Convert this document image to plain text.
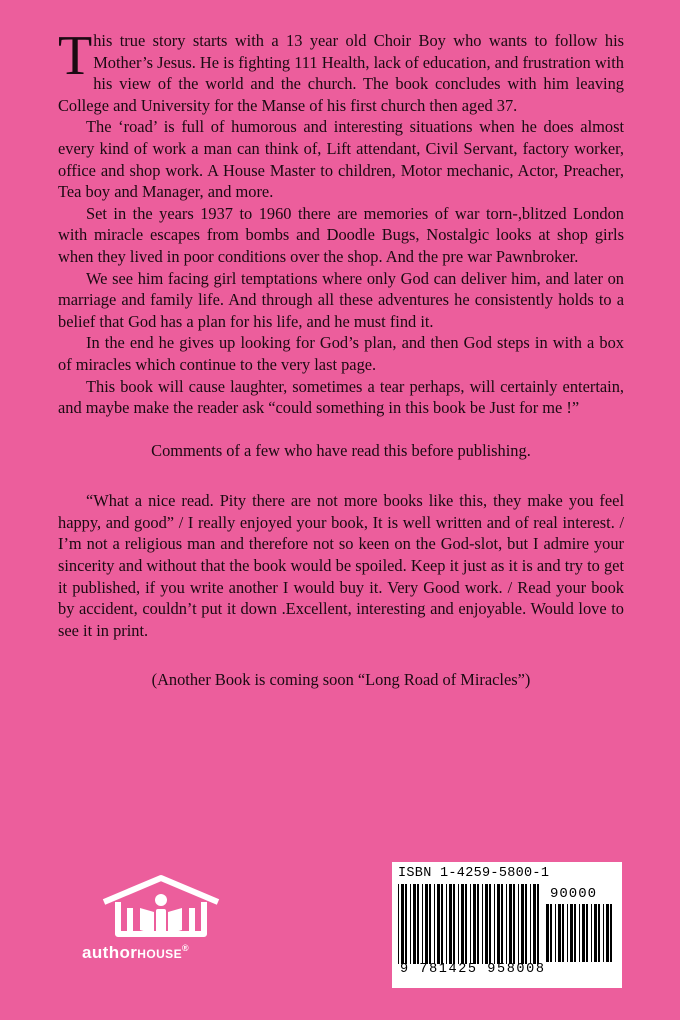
This true story starts with a 13 year old Choir Boy who wants to follow his Mother’s Jesus. He is fighting 111 Health, lack of education, and frustration with his view of the world and the church. The book concludes with him leaving College and University for the Manse of his first church then aged 37.

The ‘road’ is full of humorous and interesting situations when he does almost every kind of work a man can think of, Lift attendant, Civil Servant, factory worker, office and shop work. A House Master to children, Motor mechanic, Actor, Preacher, Tea boy and Manager, and more.

Set in the years 1937 to 1960 there are memories of war torn-,blitzed London with miracle escapes from bombs and Doodle Bugs, Nostalgic looks at shop girls when they lived in poor conditions over the shop. And the pre war Pawnbroker.

We see him facing girl temptations where only God can deliver him, and later on marriage and family life. And through all these adventures he consistently holds to a belief that God has a plan for his life, and he must find it.

In the end he gives up looking for God’s plan, and then God steps in with a box of miracles which continue to the very last page.

This book will cause laughter, sometimes a tear perhaps, will certainly entertain, and maybe make the reader ask “could something in this book be Just for me !”

Comments of a few who have read this before publishing.

“What a nice read. Pity there are not more books like this, they make you feel happy, and good” / I really enjoyed your book, It is well written and of real interest. / I’m not a religious man and therefore not so keen on the God-slot, but I admire your sincerity and without that the book would be spoiled. Keep it just as it is and try to get it published, if you write another I would buy it. Very Good work. / Read your book by accident, couldn’t put it down .Excellent, interesting and enjoyable. Would love to see it in print.

(Another Book is coming soon “Long Road of Miracles”)

authorHOUSE®
ISBN 1-4259-5800-1
90000
9 781425 958008
